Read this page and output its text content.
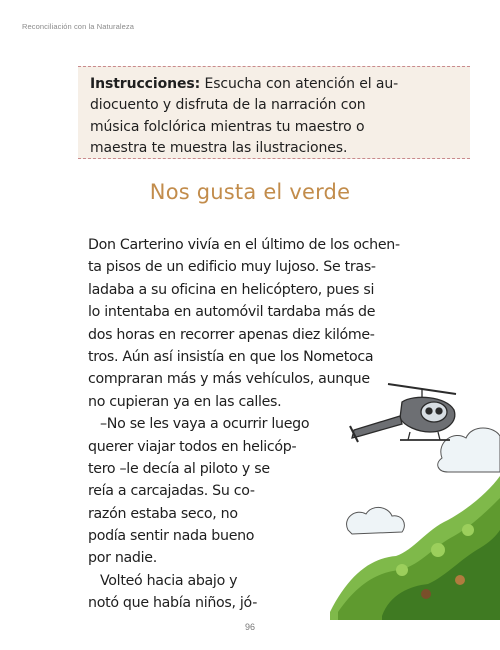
Reconciliación con la Naturaleza

Instrucciones: Escucha con atención el au-
diocuento y disfruta de la narración con
música folclórica mientras tu maestro o
maestra te muestra las ilustraciones.

Nos gusta el verde
Don Carterino vivía en el último de los ochen-
ta pisos de un edificio muy lujoso. Se tras-
ladaba a su oficina en helicóptero, pues si
lo intentaba en automóvil tardaba más de
dos horas en recorrer apenas diez kilóme-
tros. Aún así insistía en que los Nometoca
compraran más y más vehículos, aunque
no cupieran ya en las calles.
–No se les vaya a ocurrir luego
querer viajar todos en helicóp-
tero –le decía al piloto y se
reía a carcajadas. Su co-
razón estaba seco, no
podía sentir nada bueno
por nadie.
Volteó hacia abajo y
notó que había niños, jó-
96
